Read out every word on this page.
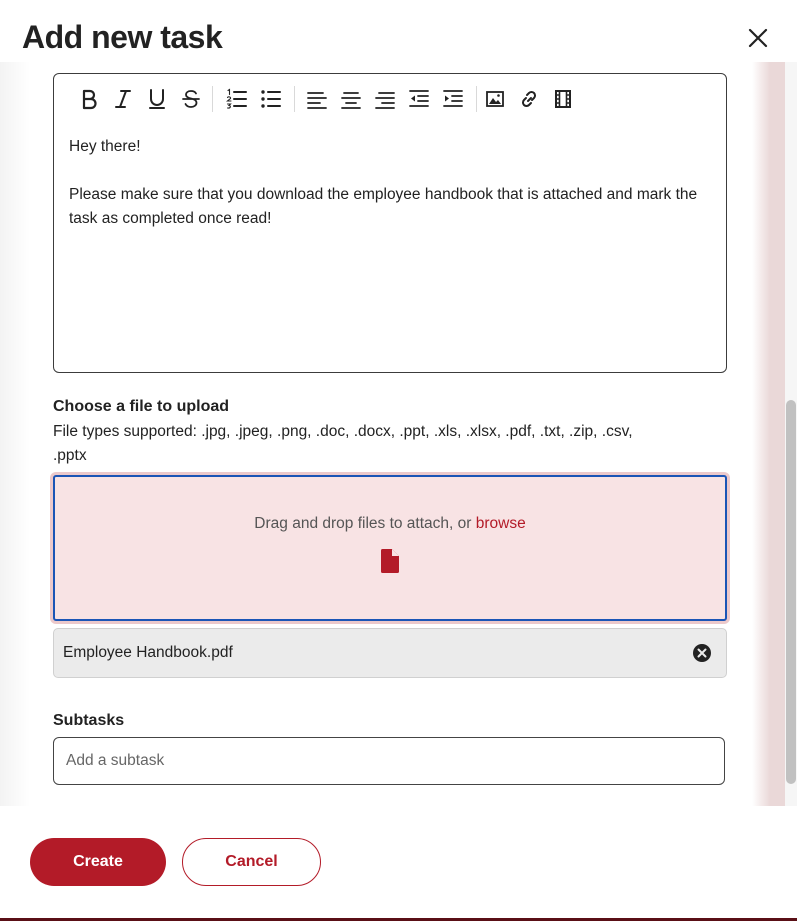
Add new task

Hey there!

Please make sure that you download the employee handbook that is attached and mark the task as completed once read!

Choose a file to upload
File types supported: .jpg, .jpeg, .png, .doc, .docx, .ppt, .xls, .xlsx, .pdf, .txt, .zip, .csv, .pptx
Drag and drop files to attach, or browse
Employee Handbook.pdf
Subtasks
Add a subtask
Create	Cancel
